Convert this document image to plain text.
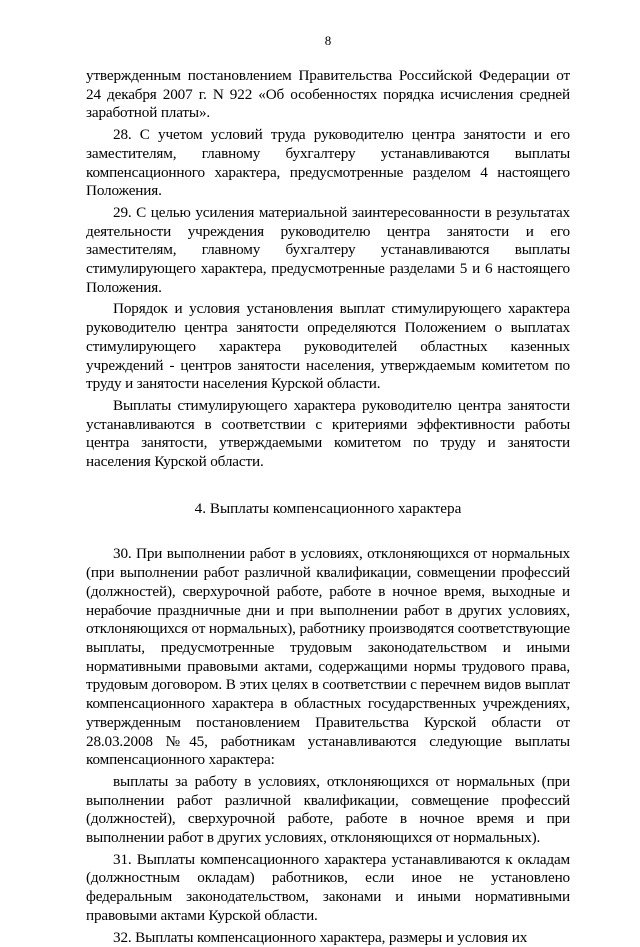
8

утвержденным постановлением Правительства Российской Федерации от 24 декабря 2007 г. N 922 «Об особенностях порядка исчисления средней заработной платы».

28. С учетом условий труда руководителю центра занятости и его заместителям, главному бухгалтеру устанавливаются выплаты компенсационного характера, предусмотренные разделом 4 настоящего Положения.

29. С целью усиления материальной заинтересованности в результатах деятельности учреждения руководителю центра занятости и его заместителям, главному бухгалтеру устанавливаются выплаты стимулирующего характера, предусмотренные разделами 5 и 6 настоящего Положения.

Порядок и условия установления выплат стимулирующего характера руководителю центра занятости определяются Положением о выплатах стимулирующего характера руководителей областных казенных учреждений - центров занятости населения, утверждаемым комитетом по труду и занятости населения Курской области.

Выплаты стимулирующего характера руководителю центра занятости устанавливаются в соответствии с критериями эффективности работы центра занятости, утверждаемыми комитетом по труду и занятости населения Курской области.

4. Выплаты компенсационного характера

30. При выполнении работ в условиях, отклоняющихся от нормальных (при выполнении работ различной квалификации, совмещении профессий (должностей), сверхурочной работе, работе в ночное время, выходные и нерабочие праздничные дни и при выполнении работ в других условиях, отклоняющихся от нормальных), работнику производятся соответствующие выплаты, предусмотренные трудовым законодательством и иными нормативными правовыми актами, содержащими нормы трудового права, трудовым договором. В этих целях в соответствии с перечнем видов выплат компенсационного характера в областных государственных учреждениях, утвержденным постановлением Правительства Курской области от 28.03.2008 №45, работникам устанавливаются следующие выплаты компенсационного характера:

выплаты за работу в условиях, отклоняющихся от нормальных (при выполнении работ различной квалификации, совмещение профессий (должностей), сверхурочной работе, работе в ночное время и при выполнении работ в других условиях, отклоняющихся от нормальных).

31. Выплаты компенсационного характера устанавливаются к окладам (должностным окладам) работников, если иное не установлено федеральным законодательством, законами и иными нормативными правовыми актами Курской области.

32. Выплаты компенсационного характера, размеры и условия их
